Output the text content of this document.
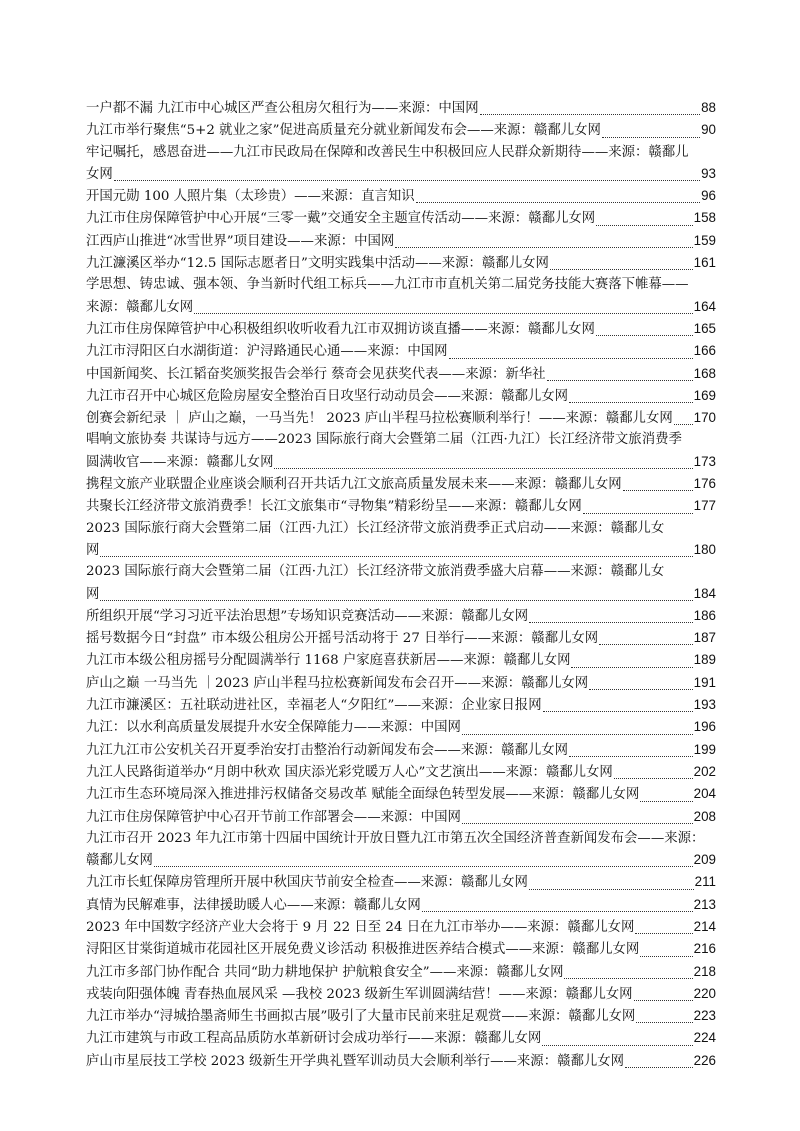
一户都不漏 九江市中心城区严查公租房欠租行为——来源：中国网	88
九江市举行聚焦“5+2 就业之家”促进高质量充分就业新闻发布会——来源：赣鄱儿女网	90
牢记嘱托，感恩奋进——九江市民政局在保障和改善民生中积极回应人民群众新期待——来源：赣鄱儿
女网	93
开国元勋 100 人照片集（太珍贵）——来源：直言知识	96
九江市住房保障管护中心开展“三零一戴”交通安全主题宣传活动——来源：赣鄱儿女网	158
江西庐山推进“冰雪世界”项目建设——来源：中国网	159
九江濂溪区举办“12.5 国际志愿者日”文明实践集中活动——来源：赣鄱儿女网	161
学思想、铸忠诚、强本领、争当新时代组工标兵——九江市市直机关第二届党务技能大赛落下帷幕——
来源：赣鄱儿女网	164
九江市住房保障管护中心积极组织收听收看九江市双拥访谈直播——来源：赣鄱儿女网	165
九江市浔阳区白水湖街道：沪浔路通民心通——来源：中国网	166
中国新闻奖、长江韬奋奖颁奖报告会举行 蔡奇会见获奖代表——来源：新华社	168
九江市召开中心城区危险房屋安全整治百日攻坚行动动员会——来源：赣鄱儿女网	169
创赛会新纪录 ｜ 庐山之巅，一马当先！ 2023 庐山半程马拉松赛顺利举行！——来源：赣鄱儿女网 170
唱响文旅协奏 共谋诗与远方——2023 国际旅行商大会暨第二届（江西·九江）长江经济带文旅消费季
圆满收官——来源：赣鄱儿女网	173
携程文旅产业联盟企业座谈会顺利召开共话九江文旅高质量发展未来——来源：赣鄱儿女网	176
共聚长江经济带文旅消费季！长江文旅集市“寻物集”精彩纷呈——来源：赣鄱儿女网	177
2023 国际旅行商大会暨第二届（江西·九江）长江经济带文旅消费季正式启动——来源：赣鄱儿女
网	180
2023 国际旅行商大会暨第二届（江西·九江）长江经济带文旅消费季盛大启幕——来源：赣鄱儿女
网	184
所组织开展“学习习近平法治思想”专场知识竞赛活动——来源：赣鄱儿女网	186
摇号数据今日“封盘” 市本级公租房公开摇号活动将于 27 日举行——来源：赣鄱儿女网	187
九江市本级公租房摇号分配圆满举行 1168 户家庭喜获新居——来源：赣鄱儿女网	189
庐山之巅 一马当先 ｜2023 庐山半程马拉松赛新闻发布会召开——来源：赣鄱儿女网	191
九江市濂溪区：五社联动进社区，幸福老人“夕阳红”——来源：企业家日报网	193
九江：以水利高质量发展提升水安全保障能力——来源：中国网	196
九江九江市公安机关召开夏季治安打击整治行动新闻发布会——来源：赣鄱儿女网	199
九江人民路街道举办“月朗中秋欢 国庆添光彩党暖万人心”文艺演出——来源：赣鄱儿女网	202
九江市生态环境局深入推进排污权储备交易改革 赋能全面绿色转型发展——来源：赣鄱儿女网	204
九江市住房保障管护中心召开节前工作部署会——来源：中国网	208
九江市召开 2023 年九江市第十四届中国统计开放日暨九江市第五次全国经济普查新闻发布会——来源：
赣鄱儿女网	209
九江市长虹保障房管理所开展中秋国庆节前安全检查——来源：赣鄱儿女网	211
真情为民解难事，法律援助暖人心——来源：赣鄱儿女网	213
2023 年中国数字经济产业大会将于 9 月 22 日至 24 日在九江市举办——来源：赣鄱儿女网	214
浔阳区甘棠街道城市花园社区开展免费义诊活动 积极推进医养结合模式——来源：赣鄱儿女网	216
九江市多部门协作配合 共同“助力耕地保护 护航粮食安全”——来源：赣鄱儿女网	218
戎装向阳强体魄 青春热血展风采 —我校 2023 级新生军训圆满结营！——来源：赣鄱儿女网	220
九江市举办“浔城拾墨斋师生书画拟古展”吸引了大量市民前来驻足观赏——来源：赣鄱儿女网	223
九江市建筑与市政工程高品质防水革新研讨会成功举行——来源：赣鄱儿女网	224
庐山市星辰技工学校 2023 级新生开学典礼暨军训动员大会顺利举行——来源：赣鄱儿女网	226
